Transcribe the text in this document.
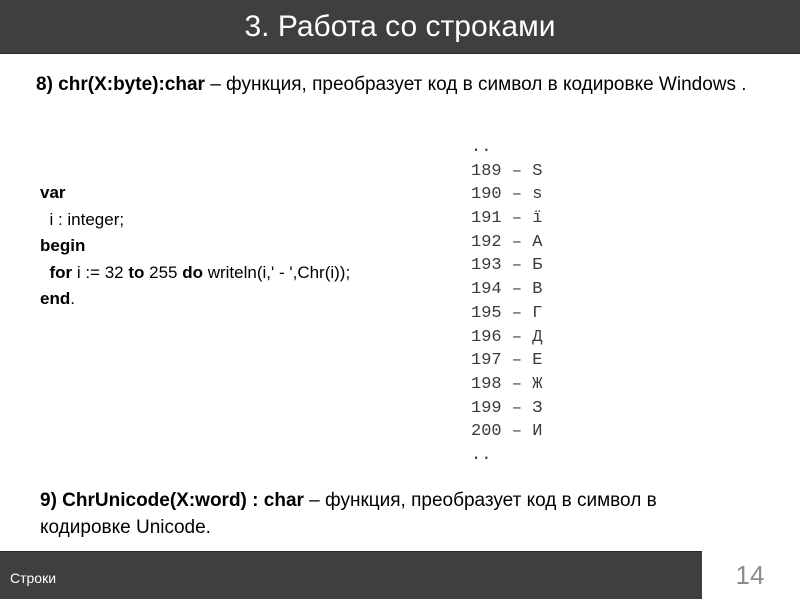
3. Работа со строками
8) chr(X:byte):char – функция, преобразует код в символ в кодировке Windows .
var
i : integer;
begin
for i := 32 to 255 do writeln(i,' - ',Chr(i));
end.
..
189 – Ѕ
190 – ѕ
191 – ї
192 – А
193 – Б
194 – В
195 – Г
196 – Д
197 – Е
198 – Ж
199 – З
200 – И
..
9) ChrUnicode(X:word) : char – функция, преобразует код в символ в кодировке Unicode.
Строки	14
